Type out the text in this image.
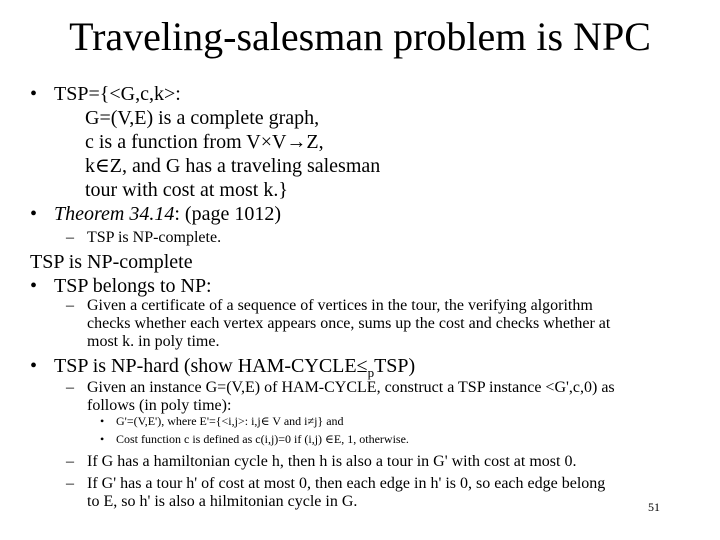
Traveling-salesman problem is NPC
• TSP={<G,c,k>:
G=(V,E) is a complete graph,
c is a function from V×V→Z,
k∈Z, and G has a traveling salesman
tour with cost at most k.}
• Theorem 34.14: (page 1012)
– TSP is NP-complete.
TSP is NP-complete
• TSP belongs to NP:
– Given a certificate of a sequence of vertices in the tour, the verifying algorithm
checks whether each vertex appears once, sums up the cost and checks whether at
most k. in poly time.
• TSP is NP-hard (show HAM-$CYCLE\le_pTSP$)
– Given an instance G=(V,E) of HAM-CYCLE, construct a TSP instance <G',c,0) as
follows (in poly time):
• G'=(V,E'), where E'={<i,j>: i,j∈ V and i≠j} and
• Cost function c is defined as c(i,j)=0 if (i,j) ∈E, 1, otherwise.
– If G has a hamiltonian cycle h, then h is also a tour in G' with cost at most 0.
– If G' has a tour h' of cost at most 0, then each edge in h' is 0, so each edge belong
to E, so h' is also a hilmitonian cycle in G.	51
